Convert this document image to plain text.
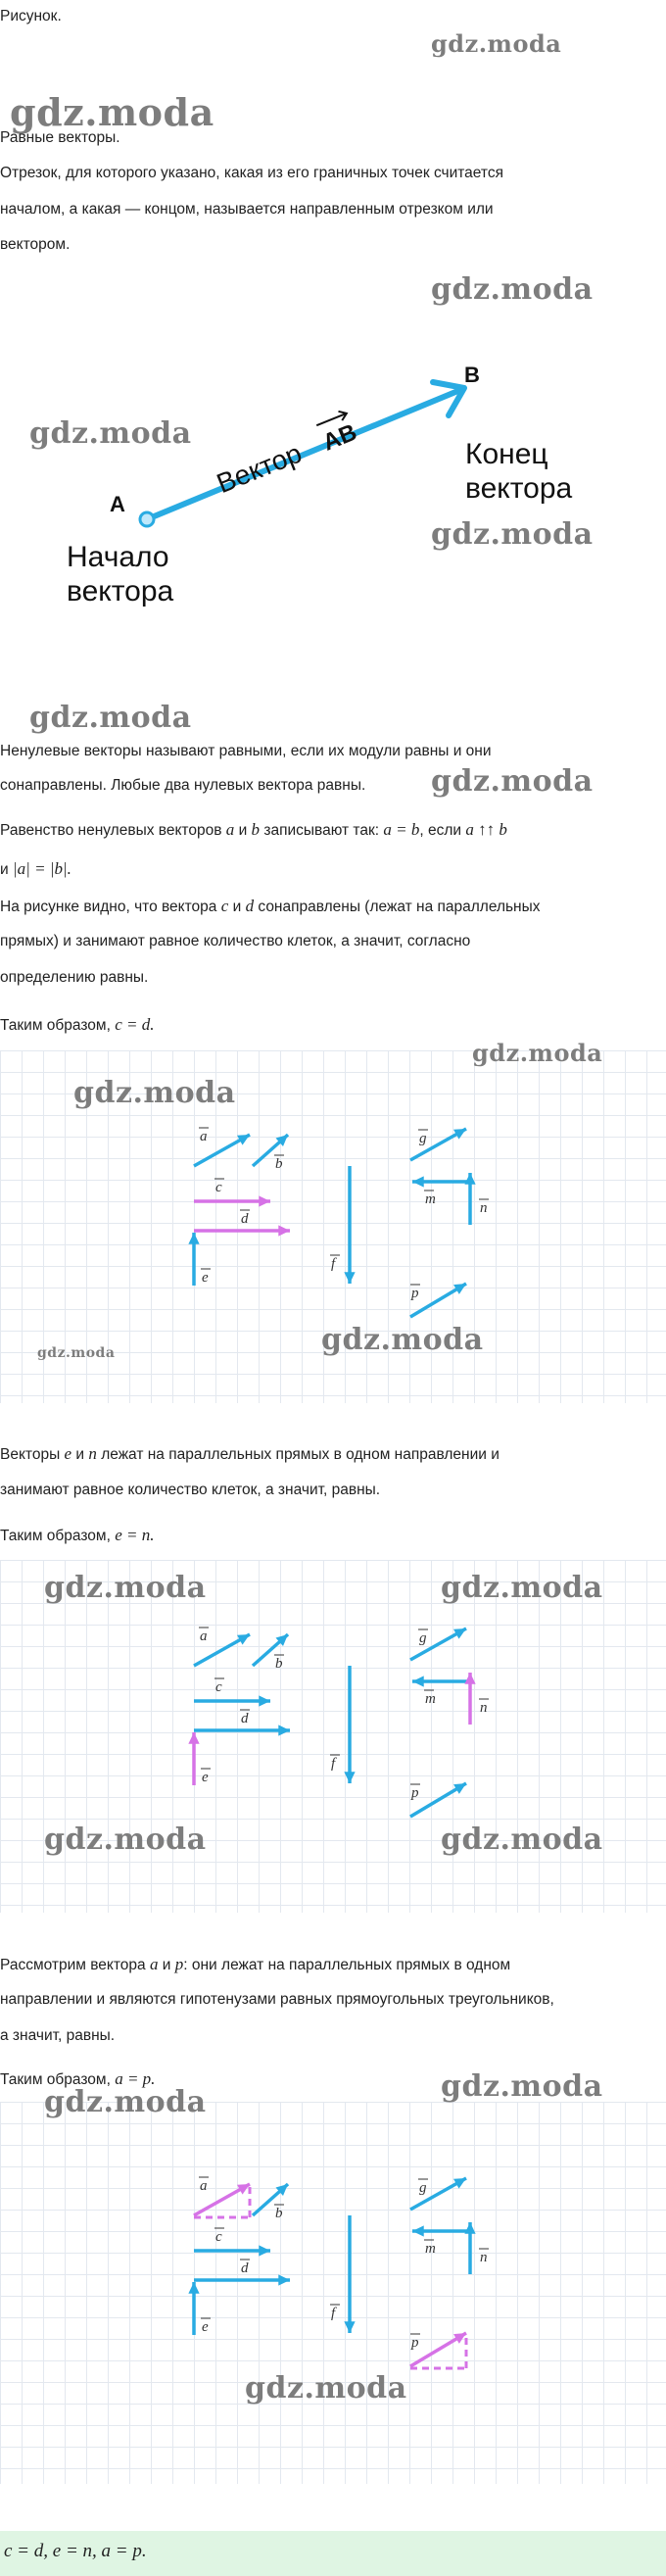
Рисунок.
gdz.moda
gdz.moda
Равные векторы.
Отрезок, для которого указано, какая из его граничных точек считается
началом, а какая — концом, называется направленным отрезком или
вектором.
gdz.moda
A
B
Вектор AB
Начало
вектора
Конец
вектора
gdz.moda
gdz.moda
gdz.moda
Ненулевые векторы называют равными, если их модули равны и они
сонаправлены. Любые два нулевых вектора равны.	gdz.moda
Равенство ненулевых векторов a и b записывают так: a = b, если a ↑↑ b
и |a| = |b|.
На рисунке видно, что вектора c и d сонаправлены (лежат на параллельных
прямых) и занимают равное количество клеток, а значит, согласно
определению равны.
Таким образом, c = d.
a
b
c
d
e
f
g
m
n
p
gdz.moda
gdz.moda
gdz.moda
gdz.moda
Векторы e и n лежат на параллельных прямых в одном направлении и
занимают равное количество клеток, а значит, равны.
Таким образом, e = n.
a
b
c
d
e
f
g
m
n
p
gdz.moda	gdz.moda
gdz.moda	gdz.moda
Рассмотрим вектора a и p: они лежат на параллельных прямых в одном
направлении и являются гипотенузами равных прямоугольных треугольников,
а значит, равны.
Таким образом, a = p.
a
b
c
d
e
f
g
m
n
p
gdz.moda
gdz.moda
gdz.moda
c = d, e = n, a = p.
